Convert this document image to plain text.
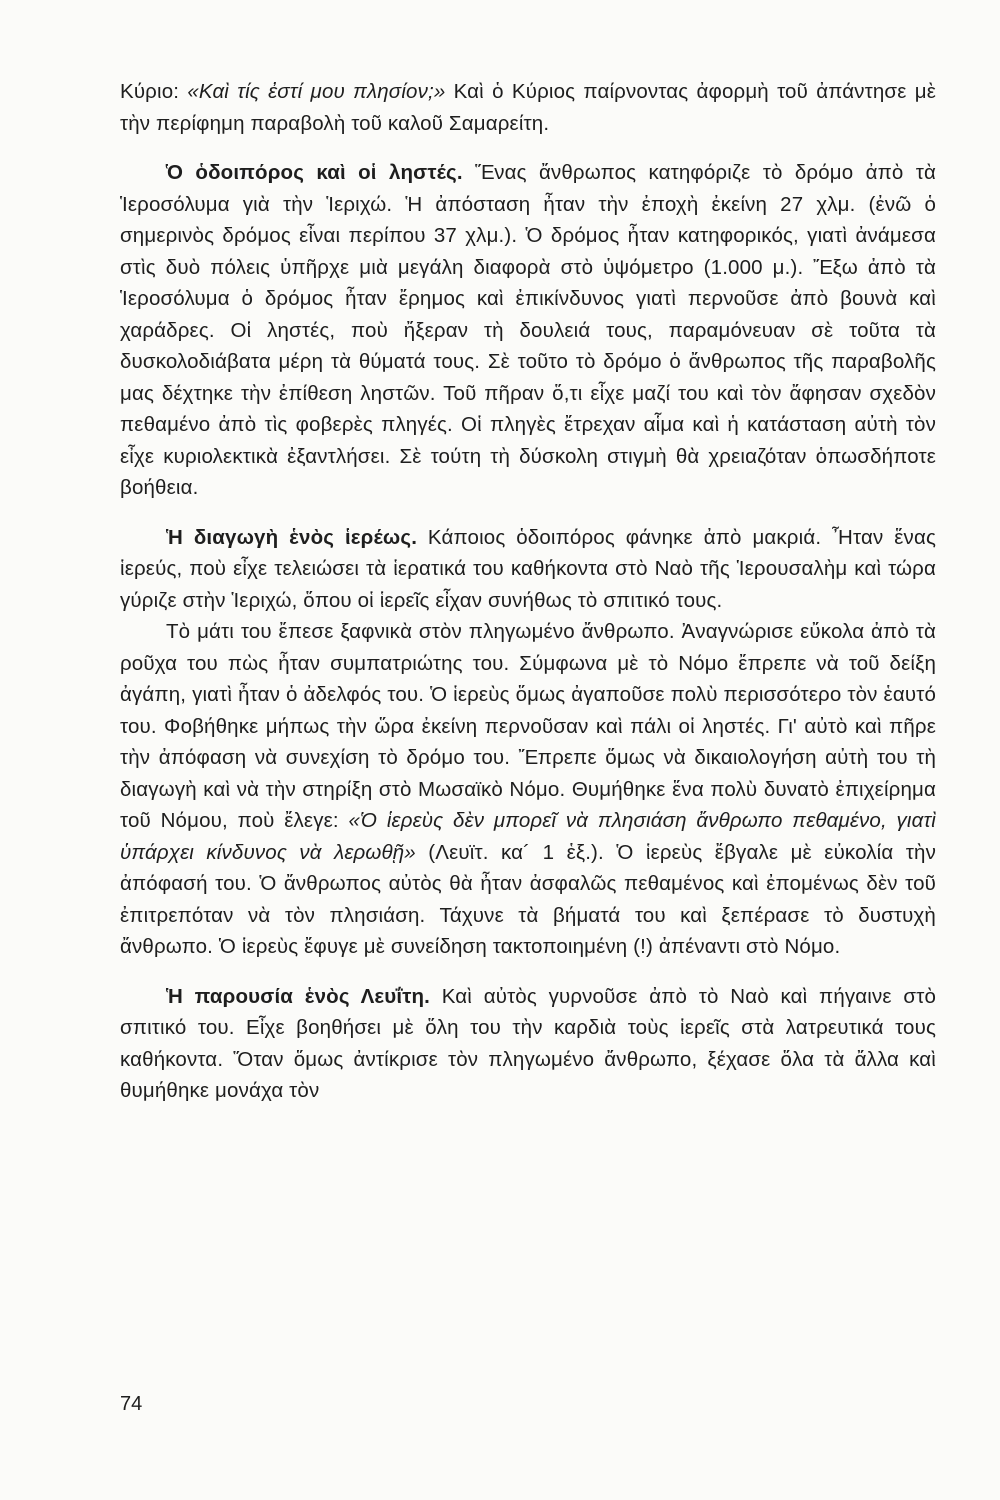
Κύριο: «Καὶ τίς ἐστί μου πλησίον;» Καὶ ὁ Κύριος παίρνοντας ἀφορμὴ τοῦ ἀπάντησε μὲ τὴν περίφημη παραβολὴ τοῦ καλοῦ Σαμαρείτη.

Ὁ ὁδοιπόρος καὶ οἱ ληστές. Ἕνας ἄνθρωπος κατηφόριζε τὸ δρόμο ἀπὸ τὰ Ἱεροσόλυμα γιὰ τὴν Ἱεριχώ. Ἡ ἀπόσταση ἦταν τὴν ἐποχὴ ἐκείνη 27 χλμ. (ἐνῶ ὁ σημερινὸς δρόμος εἶναι περίπου 37 χλμ.). Ὁ δρόμος ἦταν κατηφορικός, γιατὶ ἀνάμεσα στὶς δυὸ πόλεις ὑπῆρχε μιὰ μεγάλη διαφορὰ στὸ ὑψόμετρο (1.000 μ.). Ἔξω ἀπὸ τὰ Ἱεροσόλυμα ὁ δρόμος ἦταν ἔρημος καὶ ἐπικίνδυνος γιατὶ περνοῦσε ἀπὸ βουνὰ καὶ χαράδρες. Οἱ ληστές, ποὺ ἤξεραν τὴ δουλειά τους, παραμόνευαν σὲ τοῦτα τὰ δυσκολοδιάβατα μέρη τὰ θύματά τους. Σὲ τοῦτο τὸ δρόμο ὁ ἄνθρωπος τῆς παραβολῆς μας δέχτηκε τὴν ἐπίθεση ληστῶν. Τοῦ πῆραν ὅ,τι εἶχε μαζί του καὶ τὸν ἄφησαν σχεδὸν πεθαμένο ἀπὸ τὶς φοβερὲς πληγές. Οἱ πληγὲς ἔτρεχαν αἷμα καὶ ἡ κατάσταση αὐτὴ τὸν εἶχε κυριολεκτικὰ ἐξαντλήσει. Σὲ τούτη τὴ δύσκολη στιγμὴ θὰ χρειαζόταν ὁπωσδήποτε βοήθεια.

Ἡ διαγωγὴ ἑνὸς ἱερέως. Κάποιος ὁδοιπόρος φάνηκε ἀπὸ μακριά. Ἦταν ἕνας ἱερεύς, ποὺ εἶχε τελειώσει τὰ ἱερατικά του καθήκοντα στὸ Ναὸ τῆς Ἱερουσαλὴμ καὶ τώρα γύριζε στὴν Ἱεριχώ, ὅπου οἱ ἱερεῖς εἶχαν συνήθως τὸ σπιτικό τους.

Τὸ μάτι του ἔπεσε ξαφνικὰ στὸν πληγωμένο ἄνθρωπο. Ἀναγνώρισε εὔκολα ἀπὸ τὰ ροῦχα του πὼς ἦταν συμπατριώτης του. Σύμφωνα μὲ τὸ Νόμο ἔπρεπε νὰ τοῦ δείξη ἀγάπη, γιατὶ ἦταν ὁ ἀδελφός του. Ὁ ἱερεὺς ὅμως ἀγαποῦσε πολὺ περισσότερο τὸν ἑαυτό του. Φοβήθηκε μήπως τὴν ὥρα ἐκείνη περνοῦσαν καὶ πάλι οἱ ληστές. Γι' αὐτὸ καὶ πῆρε τὴν ἀπόφαση νὰ συνεχίση τὸ δρόμο του. Ἔπρεπε ὅμως νὰ δικαιολογήση αὐτὴ του τὴ διαγωγὴ καὶ νὰ τὴν στηρίξη στὸ Μωσαϊκὸ Νόμο. Θυμήθηκε ἕνα πολὺ δυνατὸ ἐπιχείρημα τοῦ Νόμου, ποὺ ἔλεγε: «Ὁ ἱερεὺς δὲν μπορεῖ νὰ πλησιάση ἄνθρωπο πεθαμένο, γιατὶ ὑπάρχει κίνδυνος νὰ λερωθῇ» (Λευϊτ. κα´ 1 ἑξ.). Ὁ ἱερεὺς ἔβγαλε μὲ εὐκολία τὴν ἀπόφασή του. Ὁ ἄνθρωπος αὐτὸς θὰ ἦταν ἀσφαλῶς πεθαμένος καὶ ἐπομένως δὲν τοῦ ἐπιτρεπόταν νὰ τὸν πλησιάση. Τάχυνε τὰ βήματά του καὶ ξεπέρασε τὸ δυστυχὴ ἄνθρωπο. Ὁ ἱερεὺς ἔφυγε μὲ συνείδηση τακτοποιημένη (!) ἀπέναντι στὸ Νόμο.

Ἡ παρουσία ἑνὸς Λευΐτη. Καὶ αὐτὸς γυρνοῦσε ἀπὸ τὸ Ναὸ καὶ πήγαινε στὸ σπιτικό του. Εἶχε βοηθήσει μὲ ὅλη του τὴν καρδιὰ τοὺς ἱερεῖς στὰ λατρευτικά τους καθήκοντα. Ὅταν ὅμως ἀντίκρισε τὸν πληγωμένο ἄνθρωπο, ξέχασε ὅλα τὰ ἄλλα καὶ θυμήθηκε μονάχα τὸν

74
